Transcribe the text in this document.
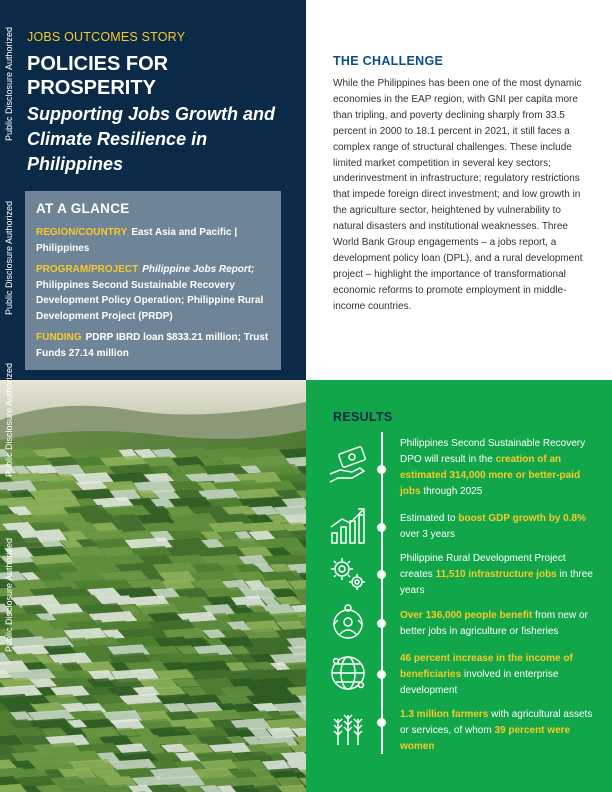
JOBS OUTCOMES STORY
POLICIES FOR PROSPERITY
Supporting Jobs Growth and Climate Resilience in Philippines
AT A GLANCE

REGION/COUNTRY East Asia and Pacific | Philippines

PROGRAM/PROJECT Philippine Jobs Report; Philippines Second Sustainable Recovery Development Policy Operation; Philippine Rural Development Project (PRDP)

FUNDING PDRP IBRD loan $833.21 million; Trust Funds 27.14 million

Public Disclosure Authorized
Public Disclosure Authorized
Public Disclosure Authorized
Public Disclosure Authorized
THE CHALLENGE

While the Philippines has been one of the most dynamic economies in the EAP region, with GNI per capita more than tripling, and poverty declining sharply from 33.5 percent in 2000 to 18.1 percent in 2021, it still faces a complex range of structural challenges. These include limited market competition in several key sectors; underinvestment in infrastructure; regulatory restrictions that impede foreign direct investment; and low growth in the agriculture sector, heightened by vulnerability to natural disasters and institutional weaknesses. Three World Bank Group engagements – a jobs report, a development policy loan (DPL), and a rural development project – highlight the importance of transformational economic reforms to promote employment in middle-income countries.

RESULTS
Philippines Second Sustainable Recovery DPO will result in the creation of an estimated 314,000 more or better-paid jobs through 2025
Estimated to boost GDP growth by 0.8% over 3 years
Philippine Rural Development Project creates 11,510 infrastructure jobs in three years
Over 136,000 people benefit from new or better jobs in agriculture or fisheries
46 percent increase in the income of beneficiaries involved in enterprise development
1.3 million farmers with agricultural assets or services, of whom 39 percent were women
